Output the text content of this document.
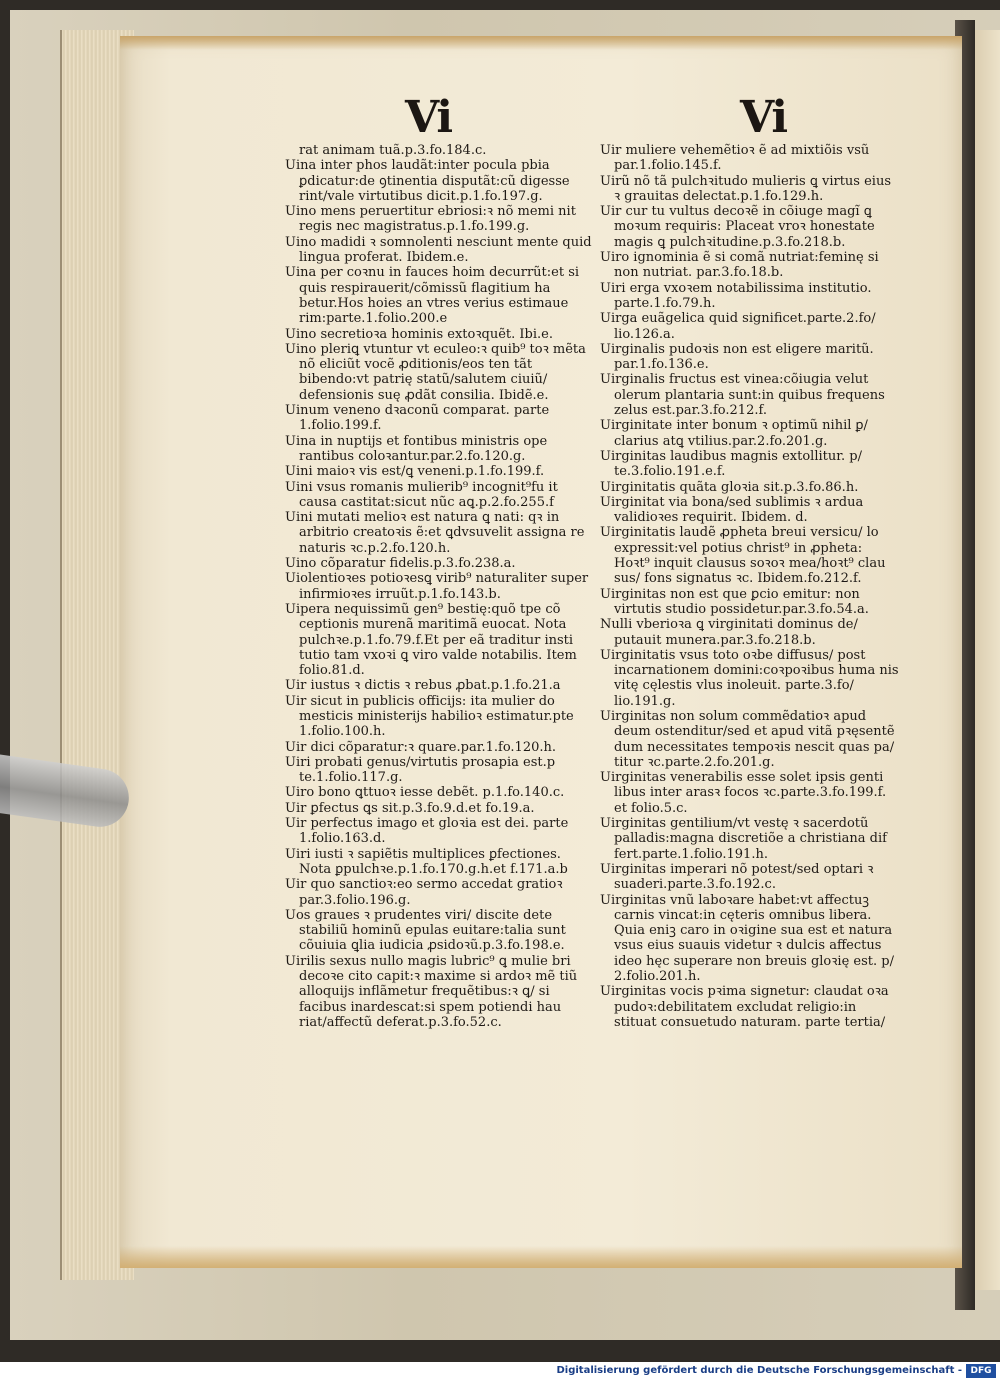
Vi	Vi

rat animam tuã.p.3.fo.184.c.

Uina inter phos laudãt:inter pocula pbia ꝑdicatur:de ꝯtinentia disputãt:cũ digesse rint/vale virtutibus dicit.p.1.fo.197.g.

Uino mens peruertitur ebriosi:ꝛ nõ memi nit regis nec magistratus.p.1.fo.199.g.

Uino madidi ꝛ somnolenti nesciunt mente quid lingua proferat. Ibidem.e.

Uina per coꝛnu in fauces hoim decurrũt:et si quis respirauerit/cõmissũ flagitium ha betur.Hos hoies an vtres verius estimaue rim:parte.1.folio.200.e

Uino secretioꝛa hominis extoꝛquẽt. Ibi.e.

Uino pleriꝗ vtuntur vt eculeo:ꝛ quib⁹ toꝛ mẽta nõ eliciũt vocẽ ꝓditionis/eos ten tãt bibendo:vt patrię statũ/salutem ciuiũ/ defensionis suę ꝓdãt consilia. Ibidẽ.e.

Uinum veneno dꝛaconũ comparat. parte 1.folio.199.f.

Uina in nuptijs et fontibus ministris ope rantibus coloꝛantur.par.2.fo.120.g.

Uini maioꝛ vis est/ꝗ veneni.p.1.fo.199.f.

Uini vsus romanis mulierib⁹ incognit⁹fu it causa castitat:sicut nũc aꝗ.p.2.fo.255.f

Uini mutati melioꝛ est natura ꝗ nati: qꝛ in arbitrio creatoꝛis ẽ:et ꝗdvsuvelit assigna re naturis ꝛc.p.2.fo.120.h.

Uino cõparatur fidelis.p.3.fo.238.a.

Uiolentioꝛes potioꝛesꝗ virib⁹ naturaliter super infirmioꝛes irruũt.p.1.fo.143.b.

Uipera nequissimũ gen⁹ bestię:quõ tpe cõ ceptionis murenã maritimã euocat. Nota pulchꝛe.p.1.fo.79.f.Et per eã traditur insti tutio tam vxoꝛi ꝗ viro valde notabilis. Item folio.81.d.

Uir iustus ꝛ dictis ꝛ rebus ꝓbat.p.1.fo.21.a

Uir sicut in publicis officijs: ita mulier do mesticis ministerijs habilioꝛ estimatur.pte 1.folio.100.h.

Uir dici cõparatur:ꝛ quare.par.1.fo.120.h.

Uiri probati genus/virtutis prosapia est.p te.1.folio.117.g.

Uiro bono ꝗttuoꝛ iesse debẽt. p.1.fo.140.c.

Uir ꝑfectus ꝗs sit.p.3.fo.9.d.et fo.19.a.

Uir perfectus imago et gloꝛia est dei. parte 1.folio.163.d.

Uiri iusti ꝛ sapiẽtis multiplices ꝑfectiones. Nota ꝑpulchꝛe.p.1.fo.170.g.h.et f.171.a.b

Uir quo sanctioꝛ:eo sermo accedat gratioꝛ par.3.folio.196.g.

Uos graues ꝛ prudentes viri/ discite dete stabiliũ hominũ epulas euitare:talia sunt cõuiuia ꝗlia iudicia ꝓsidoꝛũ.p.3.fo.198.e.

Uirilis sexus nullo magis lubric⁹ ꝗ mulie bri decoꝛe cito capit:ꝛ maxime si ardoꝛ mẽ tiũ alloquijs inflãmetur frequẽtibus:ꝛ ꝗ/ si facibus inardescat:si spem potiendi hau riat/affectũ deferat.p.3.fo.52.c.

Uir muliere vehemẽtioꝛ ẽ ad mixtiõis vsũ par.1.folio.145.f.

Uirũ nõ tã pulchꝛitudo mulieris ꝗ virtus eius ꝛ grauitas delectat.p.1.fo.129.h.

Uir cur tu vultus decoꝛẽ in cõiuge magĩ ꝗ moꝛum requiris: Placeat vroꝛ honestate magis ꝗ pulchꝛitudine.p.3.fo.218.b.

Uiro ignominia ẽ si comã nutriat:feminę si non nutriat. par.3.fo.18.b.

Uiri erga vxoꝛem notabilissima institutio. parte.1.fo.79.h.

Uirga euãgelica quid significet.parte.2.fo/ lio.126.a.

Uirginalis pudoꝛis non est eligere maritũ. par.1.fo.136.e.

Uirginalis fructus est vinea:cõiugia velut olerum plantaria sunt:in quibus frequens zelus est.par.3.fo.212.f.

Uirginitate inter bonum ꝛ optimũ nihil ꝑ/ clarius atꝗ vtilius.par.2.fo.201.g.

Uirginitas laudibus magnis extollitur. p/ te.3.folio.191.e.f.

Uirginitatis quãta gloꝛia sit.p.3.fo.86.h.

Uirginitat via bona/sed sublimis ꝛ ardua validioꝛes requirit. Ibidem. d.

Uirginitatis laudẽ ꝓpheta breui versicu/ lo expressit:vel potius christ⁹ in ꝓpheta: Hoꝛt⁹ inquit clausus soꝛoꝛ mea/hoꝛt⁹ clau sus/ fons signatus ꝛc. Ibidem.fo.212.f.

Uirginitas non est que ꝑcio emitur: non virtutis studio possidetur.par.3.fo.54.a.

Nulli vberioꝛa ꝗ virginitati dominus de/ putauit munera.par.3.fo.218.b.

Uirginitatis vsus toto oꝛbe diffusus/ post incarnationem domini:coꝛpoꝛibus huma nis vitę cęlestis vlus inoleuit. parte.3.fo/ lio.191.g.

Uirginitas non solum commẽdatioꝛ apud deum ostenditur/sed et apud vitã pꝛęsentẽ dum necessitates tempoꝛis nescit quas pa/ titur ꝛc.parte.2.fo.201.g.

Uirginitas venerabilis esse solet ipsis genti libus inter arasꝛ focos ꝛc.parte.3.fo.199.f. et folio.5.c.

Uirginitas gentilium/vt vestę ꝛ sacerdotũ palladis:magna discretiõe a christiana dif fert.parte.1.folio.191.h.

Uirginitas imperari nõ potest/sed optari ꝛ suaderi.parte.3.fo.192.c.

Uirginitas vnũ laboꝛare habet:vt affectuꝫ carnis vincat:in cęteris omnibus libera. Quia eniꝫ caro in oꝛigine sua est et natura vsus eius suauis videtur ꝛ dulcis affectus ideo hęc superare non breuis gloꝛię est. p/ 2.folio.201.h.

Uirginitas vocis pꝛima signetur: claudat oꝛa pudoꝛ:debilitatem excludat religio:in stituat consuetudo naturam. parte tertia/

Digitalisierung gefördert durch die Deutsche Forschungsgemeinschaft - DFG
